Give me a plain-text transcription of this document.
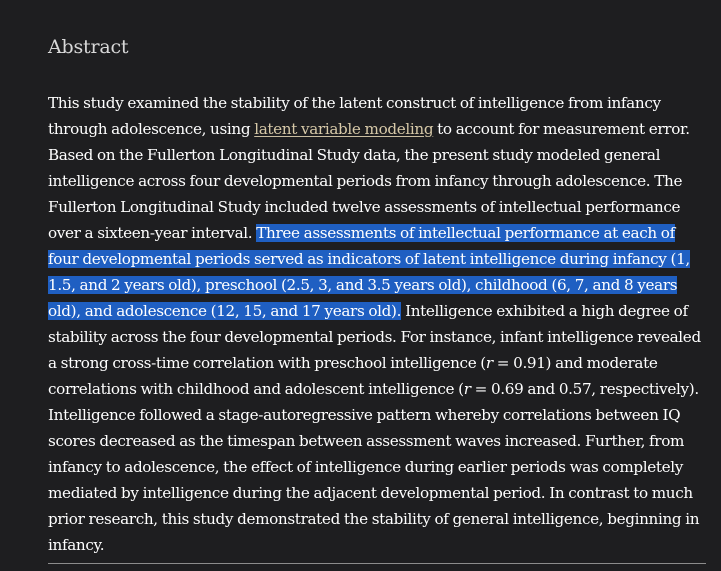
Abstract

This study examined the stability of the latent construct of intelligence from infancy through adolescence, using latent variable modeling to account for measurement error. Based on the Fullerton Longitudinal Study data, the present study modeled general intelligence across four developmental periods from infancy through adolescence. The Fullerton Longitudinal Study included twelve assessments of intellectual performance over a sixteen-year interval. Three assessments of intellectual performance at each of four developmental periods served as indicators of latent intelligence during infancy (1, 1.5, and 2 years old), preschool (2.5, 3, and 3.5 years old), childhood (6, 7, and 8 years old), and adolescence (12, 15, and 17 years old). Intelligence exhibited a high degree of stability across the four developmental periods. For instance, infant intelligence revealed a strong cross-time correlation with preschool intelligence (r = 0.91) and moderate correlations with childhood and adolescent intelligence (r = 0.69 and 0.57, respectively). Intelligence followed a stage-autoregressive pattern whereby correlations between IQ scores decreased as the timespan between assessment waves increased. Further, from infancy to adolescence, the effect of intelligence during earlier periods was completely mediated by intelligence during the adjacent developmental period. In contrast to much prior research, this study demonstrated the stability of general intelligence, beginning in infancy.
